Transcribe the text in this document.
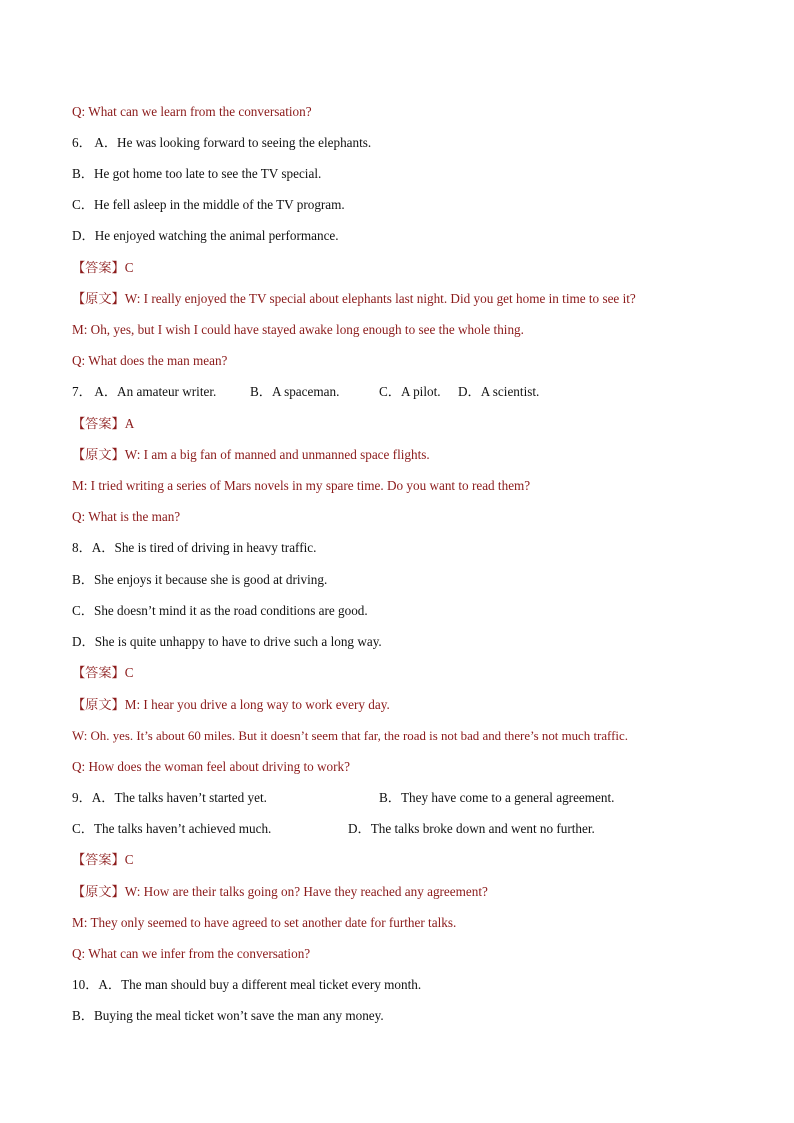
Q: What can we learn from the conversation?
6． A．He was looking forward to seeing the elephants.
B．He got home too late to see the TV special.
C．He fell asleep in the middle of the TV program.
D．He enjoyed watching the animal performance.
【答案】C
【原文】W: I really enjoyed the TV special about elephants last night. Did you get home in time to see it?
M: Oh, yes, but I wish I could have stayed awake long enough to see the whole thing.
Q: What does the man mean?

7． A．An amateur writer.

	B．A spaceman.

	C．A pilot.

D．A scientist.

【答案】A
【原文】W: I am a big fan of manned and unmanned space flights.
M: I tried writing a series of Mars novels in my spare time. Do you want to read them?
Q: What is the man?
8．A．She is tired of driving in heavy traffic.
B．She enjoys it because she is good at driving.
C．She doesn’t mind it as the road conditions are good.
D．She is quite unhappy to have to drive such a long way.
【答案】C
【原文】M: I hear you drive a long way to work every day.
W: Oh. yes. It’s about 60 miles. But it doesn’t seem that far, the road is not bad and there’s not much traffic.
Q: How does the woman feel about driving to work?

9．A．The talks haven’t started yet.

	B．They have come to a general agreement.

C．The talks haven’t achieved much.

	D．The talks broke down and went no further.

【答案】C
【原文】W: How are their talks going on? Have they reached any agreement?
M: They only seemed to have agreed to set another date for further talks.
Q: What can we infer from the conversation?
10．A．The man should buy a different meal ticket every month.
B．Buying the meal ticket won’t save the man any money.
